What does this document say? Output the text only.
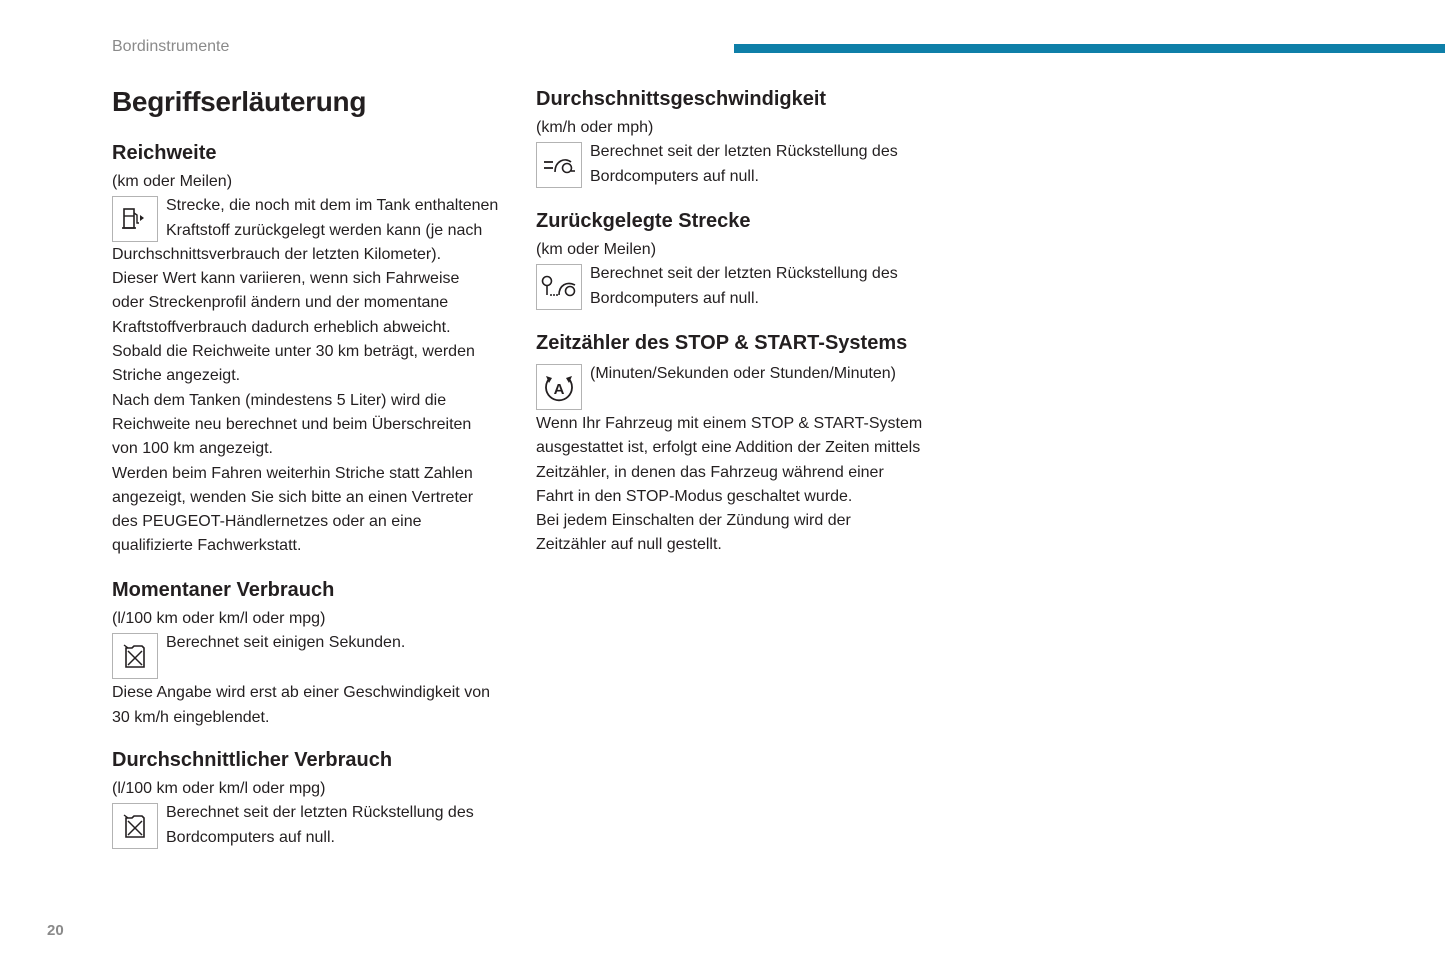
Bordinstrumente
Begriffserläuterung
Reichweite

(km oder Meilen)

Strecke, die noch mit dem im Tank enthaltenen

Kraftstoff zurückgelegt werden kann (je nach

Durchschnittsverbrauch der letzten Kilometer).

Dieser Wert kann variieren, wenn sich Fahrweise

oder Streckenprofil ändern und der momentane

Kraftstoffverbrauch dadurch erheblich abweicht.

Sobald die Reichweite unter 30 km beträgt, werden

Striche angezeigt.

Nach dem Tanken (mindestens 5 Liter) wird die

Reichweite neu berechnet und beim Überschreiten

von 100 km angezeigt.

Werden beim Fahren weiterhin Striche statt Zahlen

angezeigt, wenden Sie sich bitte an einen Vertreter

des PEUGEOT-Händlernetzes oder an eine

qualifizierte Fachwerkstatt.

Momentaner Verbrauch

(l/100 km oder km/l oder mpg)

Berechnet seit einigen Sekunden.

Diese Angabe wird erst ab einer Geschwindigkeit von

30 km/h eingeblendet.

Durchschnittlicher Verbrauch

(l/100 km oder km/l oder mpg)

Berechnet seit der letzten Rückstellung des

Bordcomputers auf null.

Durchschnittsgeschwindigkeit

(km/h oder mph)

Berechnet seit der letzten Rückstellung des

Bordcomputers auf null.

Zurückgelegte Strecke

(km oder Meilen)

Berechnet seit der letzten Rückstellung des

Bordcomputers auf null.

Zeitzähler des STOP & START-Systems
A

(Minuten/Sekunden oder Stunden/Minuten)

Wenn Ihr Fahrzeug mit einem STOP & START-System

ausgestattet ist, erfolgt eine Addition der Zeiten mittels

Zeitzähler, in denen das Fahrzeug während einer

Fahrt in den STOP-Modus geschaltet wurde.

Bei jedem Einschalten der Zündung wird der

Zeitzähler auf null gestellt.

20
